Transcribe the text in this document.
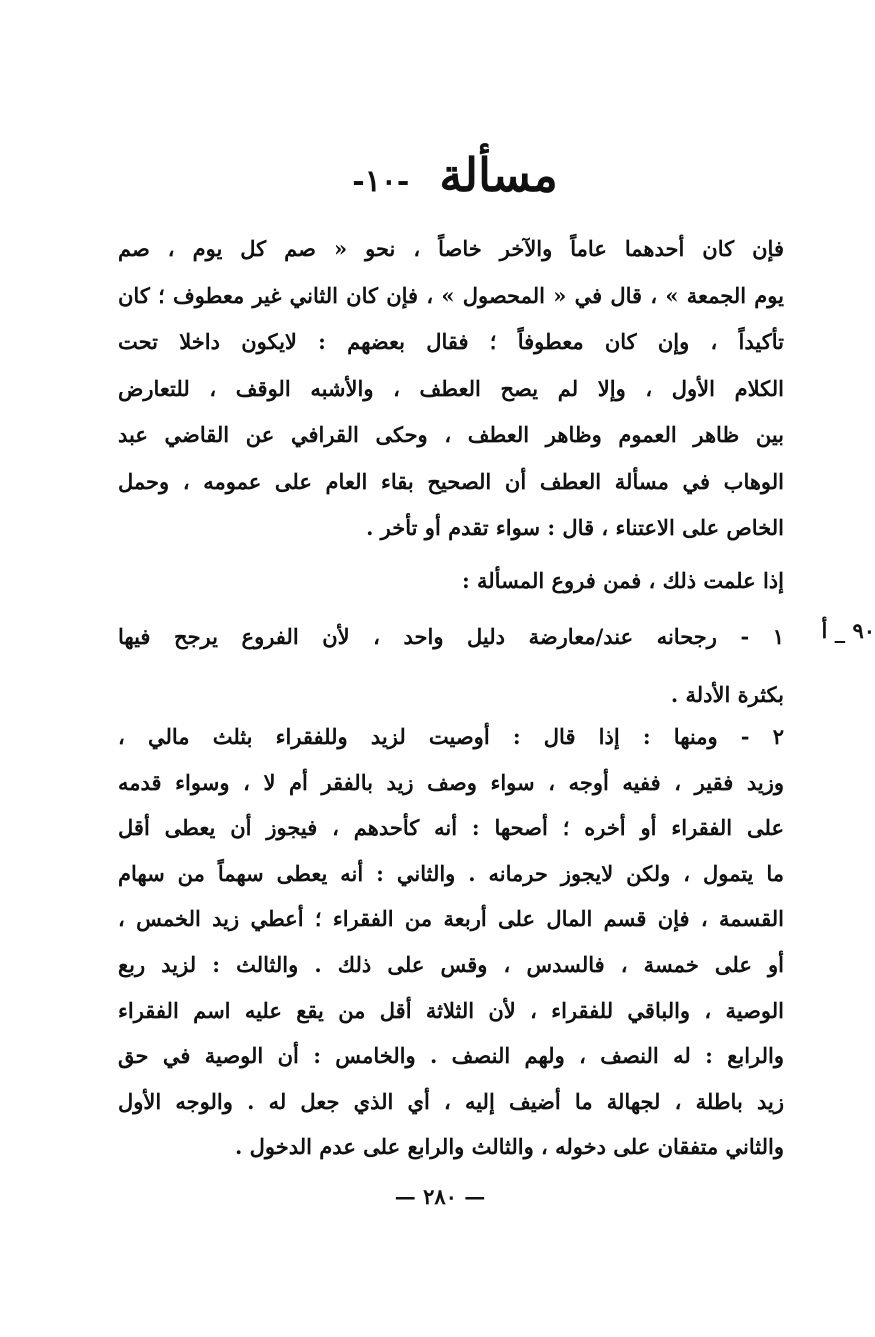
مسألة -١٠-
فإن كان أحدهما عاماً والآخر خاصاً ، نحو « صم كل يوم ، صم
يوم الجمعة » ، قال في « المحصول » ، فإن كان الثاني غير معطوف ؛ كان
تأكيداً ، وإن كان معطوفاً ؛ فقال بعضهم : لايكون داخلا تحت
الكلام الأول ، وإلا لم يصح العطف ، والأشبه الوقف ، للتعارض
بين ظاهر العموم وظاهر العطف ، وحكى القرافي عن القاضي عبد
الوهاب في مسألة العطف أن الصحيح بقاء العام على عمومه ، وحمل
الخاص على الاعتناء ، قال : سواء تقدم أو تأخر .
إذا علمت ذلك ، فمن فروع المسألة :
١ - رجحانه عند/معارضة دليل واحد ، لأن الفروع يرجح فيها
بكثرة الأدلة .
٩٠ _ أ
٢ - ومنها : إذا قال : أوصيت لزيد وللفقراء بثلث مالي ،
وزيد فقير ، ففيه أوجه ، سواء وصف زيد بالفقر أم لا ، وسواء قدمه
على الفقراء أو أخره ؛ أصحها : أنه كأحدهم ، فيجوز أن يعطى أقل
ما يتمول ، ولكن لايجوز حرمانه . والثاني : أنه يعطى سهماً من سهام
القسمة ، فإن قسم المال على أربعة من الفقراء ؛ أعطي زيد الخمس ،
أو على خمسة ، فالسدس ، وقس على ذلك . والثالث : لزيد ربع
الوصية ، والباقي للفقراء ، لأن الثلاثة أقل من يقع عليه اسم الفقراء
والرابع : له النصف ، ولهم النصف . والخامس : أن الوصية في حق
زيد باطلة ، لجهالة ما أضيف إليه ، أي الذي جعل له . والوجه الأول
والثاني متفقان على دخوله ، والثالث والرابع على عدم الدخول .
— ٢٨٠ —
